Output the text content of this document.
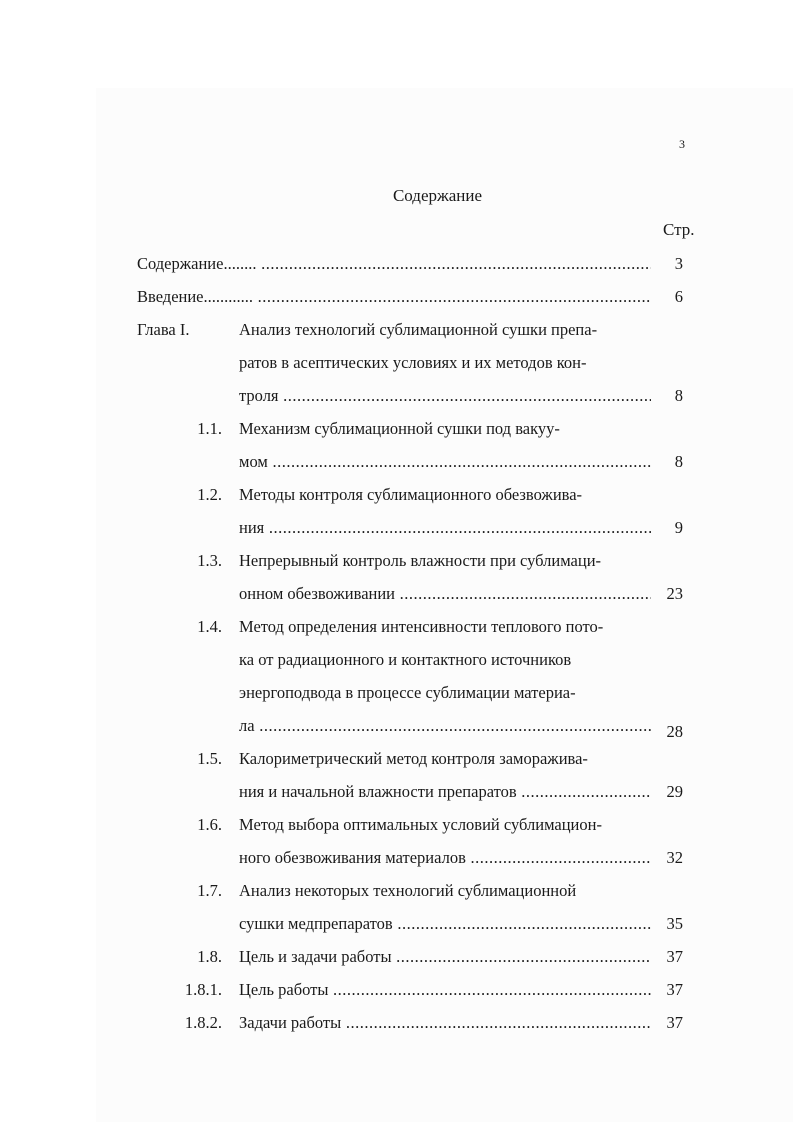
3
Содержание
Стр.
Содержание........ .....	3
Введение............ .....	6
Глава I.	Анализ технологий сублимационной сушки препа-
ратов в асептических условиях и их методов кон-
троля .....	8
1.1. Механизм сублимационной сушки под вакуу-
мом .....	8
1.2. Методы контроля сублимационного обезвожива-
ния .....	9
1.3. Непрерывный контроль влажности при сублимаци-
онном обезвоживании .....	23
1.4. Метод определения интенсивности теплового пото-
ка от радиационного и контактного источников
энергоподвода в процессе сублимации материа-
ла .....	28
1.5. Калориметрический метод контроля заморажива-
ния и начальной влажности препаратов .....	29
1.6. Метод выбора оптимальных условий сублимацион-
ного обезвоживания материалов .....	32
1.7. Анализ некоторых технологий сублимационной
сушки медпрепаратов .....	35
1.8. Цель и задачи работы .....	37
1.8.1. Цель работы .....	37
1.8.2. Задачи работы .....	37
